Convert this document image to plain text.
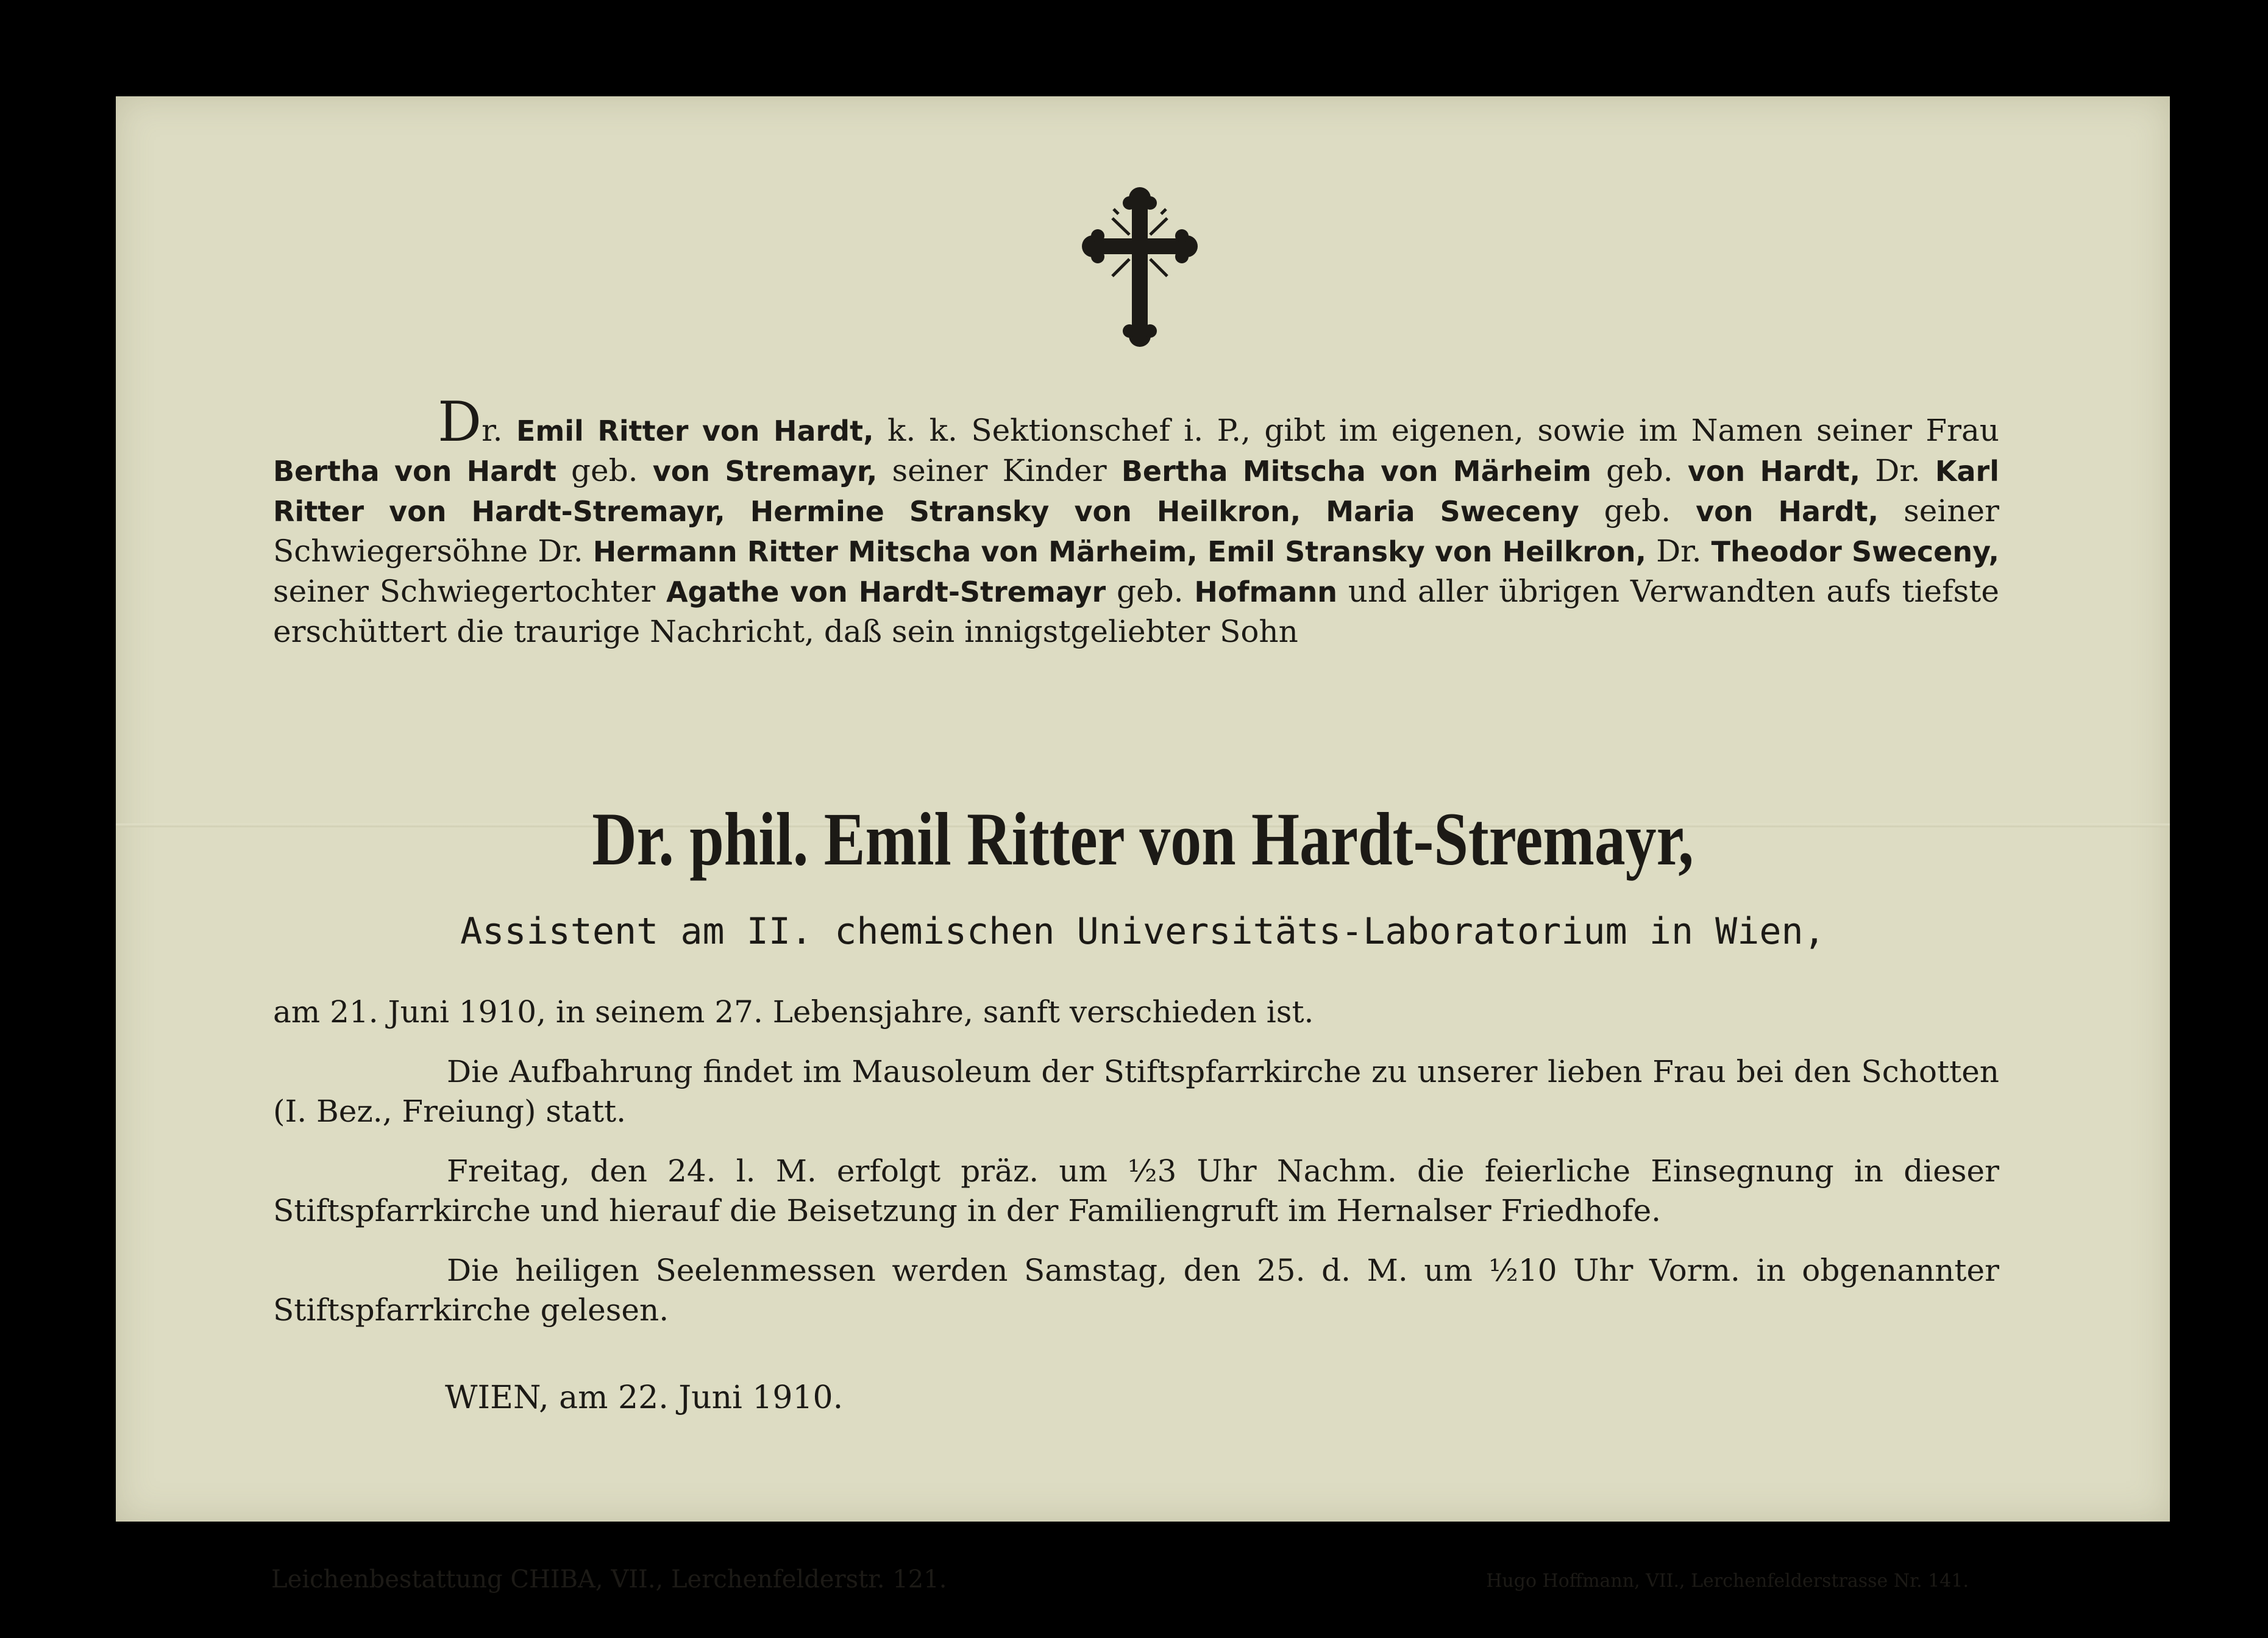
Dr. Emil Ritter von Hardt, k. k. Sektionschef i. P., gibt im eigenen, sowie im Namen seiner Frau Bertha von Hardt geb. von Stremayr, seiner Kinder Bertha Mitscha von Märheim geb. von Hardt, Dr. Karl Ritter von Hardt-Stremayr, Hermine Stransky von Heilkron, Maria Sweceny geb. von Hardt, seiner Schwiegersöhne Dr. Hermann Ritter Mitscha von Märheim, Emil Stransky von Heilkron, Dr. Theodor Sweceny, seiner Schwiegertochter Agathe von Hardt-Stremayr geb. Hofmann und aller übrigen Verwandten aufs tiefste erschüttert die traurige Nachricht, daß sein innigstgeliebter Sohn
Dr. phil. Emil Ritter von Hardt-Stremayr,
Assistent am II. chemischen Universitäts-Laboratorium in Wien,

am 21. Juni 1910, in seinem 27. Lebensjahre, sanft verschieden ist.

Die Aufbahrung findet im Mausoleum der Stiftspfarrkirche zu unserer lieben Frau bei den Schotten (I. Bez., Freiung) statt.

Freitag, den 24. l. M. erfolgt präz. um ½3 Uhr Nachm. die feierliche Einsegnung in dieser Stiftspfarrkirche und hierauf die Beisetzung in der Familiengruft im Hernalser Friedhofe.

Die heiligen Seelenmessen werden Samstag, den 25. d. M. um ½10 Uhr Vorm. in obgenannter Stiftspfarrkirche gelesen.

WIEN, am 22. Juni 1910.
Leichenbestattung CHIBA, VII., Lerchenfelderstr. 121.	Hugo Hoffmann, VII., Lerchenfelderstrasse Nr. 141.
